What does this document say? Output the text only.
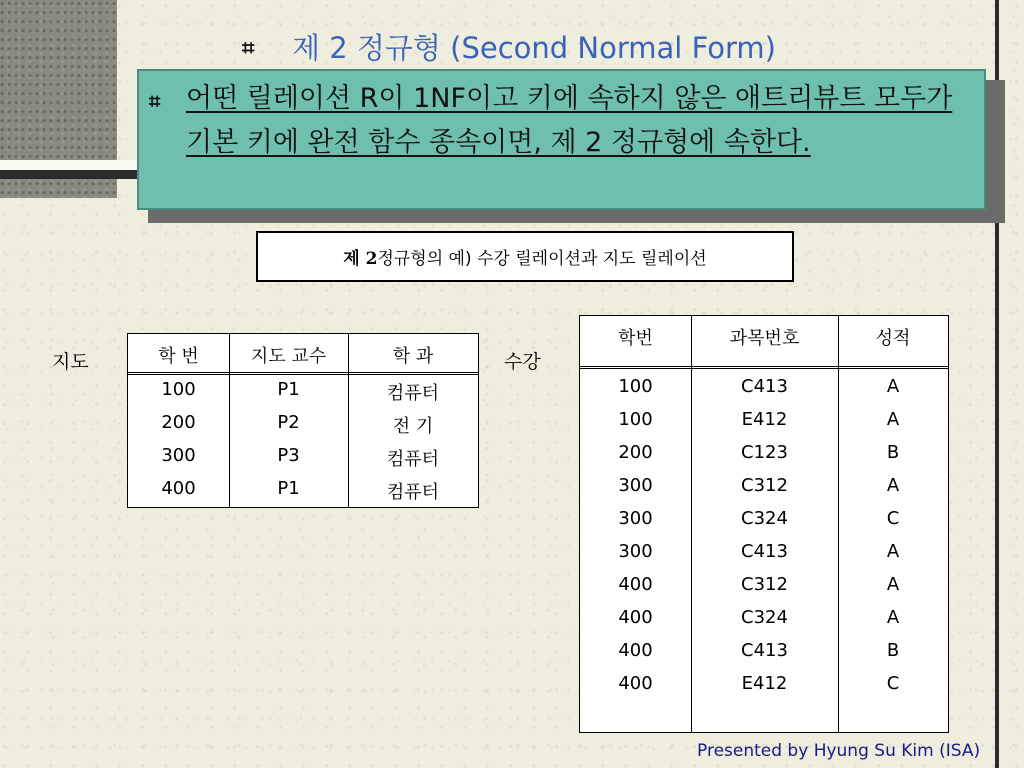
⌗ 제 2 정규형 (Second Normal Form)
⌗ 어떤 릴레이션 R이 1NF이고 키에 속하지 않은 애트리뷰트 모두가 기본 키에 완전 함수 종속이면, 제 2 정규형에 속한다.
제 2 정규형의 예) 수강 릴레이션과 지도 릴레이션
지도	수강
학 번	지도 교수	학 과
100	P1	컴퓨터
200	P2	전 기
300	P3	컴퓨터
400	P1	컴퓨터
학번	과목번호	성적
100	C413	A
100	E412	A
200	C123	B
300	C312	A
300	C324	C
300	C413	A
400	C312	A
400	C324	A
400	C413	B
400	E412	C
Presented by Hyung Su Kim (ISA)
